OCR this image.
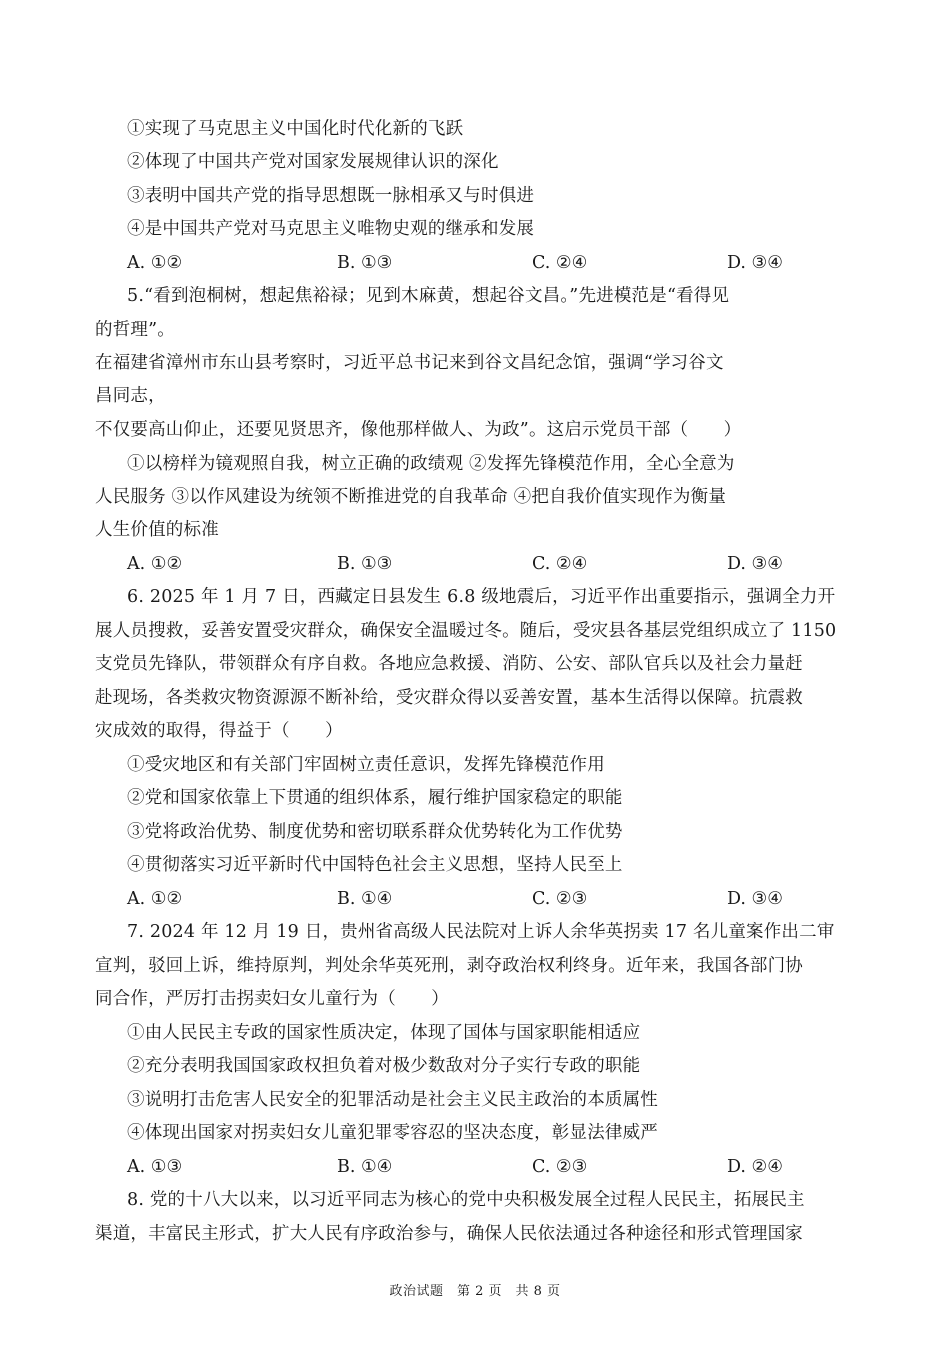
①实现了马克思主义中国化时代化新的飞跃
②体现了中国共产党对国家发展规律认识的深化
③表明中国共产党的指导思想既一脉相承又与时俱进
④是中国共产党对马克思主义唯物史观的继承和发展
A. ①②	B. ①③	C. ②④	D. ③④
5.“看到泡桐树，想起焦裕禄；见到木麻黄，想起谷文昌。”先进模范是“看得见
的哲理”。
在福建省漳州市东山县考察时，习近平总书记来到谷文昌纪念馆，强调“学习谷文
昌同志，
不仅要高山仰止，还要见贤思齐，像他那样做人、为政”。这启示党员干部（　　）
①以榜样为镜观照自我，树立正确的政绩观 ②发挥先锋模范作用，全心全意为
人民服务 ③以作风建设为统领不断推进党的自我革命 ④把自我价值实现作为衡量
人生价值的标准
A. ①②	B. ①③	C. ②④	D. ③④
6. 2025 年 1 月 7 日，西藏定日县发生 6.8 级地震后，习近平作出重要指示，强调全力开
展人员搜救，妥善安置受灾群众，确保安全温暖过冬。随后，受灾县各基层党组织成立了 1150
支党员先锋队，带领群众有序自救。各地应急救援、消防、公安、部队官兵以及社会力量赶
赴现场，各类救灾物资源源不断补给，受灾群众得以妥善安置，基本生活得以保障。抗震救
灾成效的取得，得益于（　　）
①受灾地区和有关部门牢固树立责任意识，发挥先锋模范作用
②党和国家依靠上下贯通的组织体系，履行维护国家稳定的职能
③党将政治优势、制度优势和密切联系群众优势转化为工作优势
④贯彻落实习近平新时代中国特色社会主义思想，坚持人民至上
A. ①②	B. ①④	C. ②③	D. ③④
7. 2024 年 12 月 19 日，贵州省高级人民法院对上诉人余华英拐卖 17 名儿童案作出二审
宣判，驳回上诉，维持原判，判处余华英死刑，剥夺政治权利终身。近年来，我国各部门协
同合作，严厉打击拐卖妇女儿童行为（　　）
①由人民民主专政的国家性质决定，体现了国体与国家职能相适应
②充分表明我国国家政权担负着对极少数敌对分子实行专政的职能
③说明打击危害人民安全的犯罪活动是社会主义民主政治的本质属性
④体现出国家对拐卖妇女儿童犯罪零容忍的坚决态度，彰显法律威严
A. ①③	B. ①④	C. ②③	D. ②④
8. 党的十八大以来，以习近平同志为核心的党中央积极发展全过程人民民主，拓展民主
渠道，丰富民主形式，扩大人民有序政治参与，确保人民依法通过各种途径和形式管理国家
政治试题　第 2 页　共 8 页
